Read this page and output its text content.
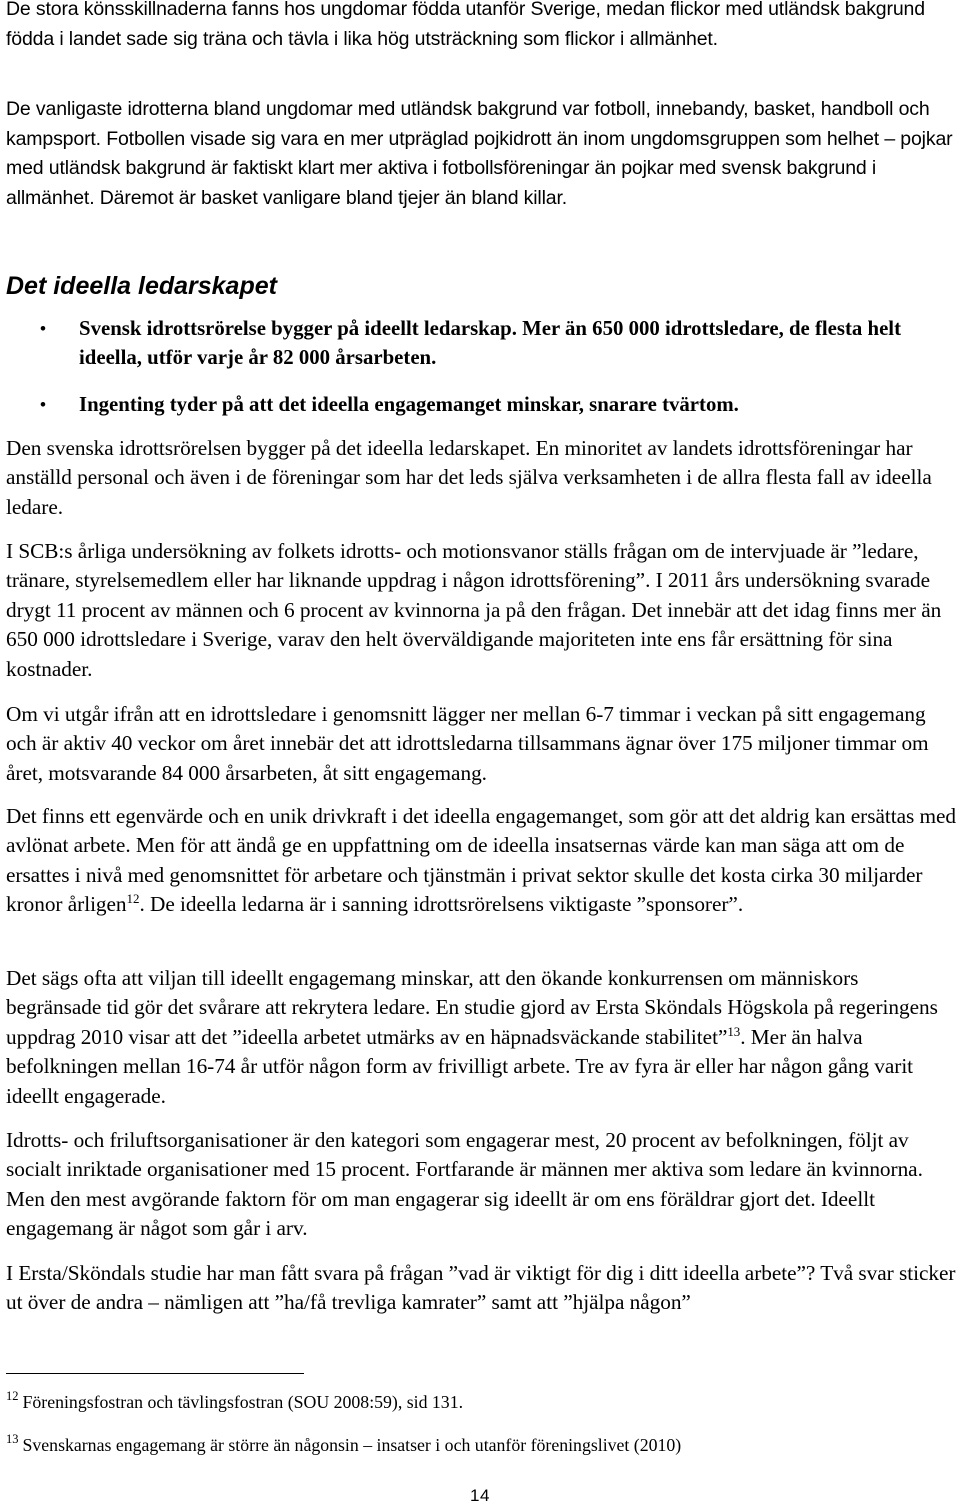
De stora könsskillnaderna fanns hos ungdomar födda utanför Sverige, medan flickor med utländsk bakgrund födda i landet sade sig träna och tävla i lika hög utsträckning som flickor i allmänhet.

De vanligaste idrotterna bland ungdomar med utländsk bakgrund var fotboll, innebandy, basket, handboll och kampsport. Fotbollen visade sig vara en mer utpräglad pojkidrott än inom ungdomsgruppen som helhet – pojkar med utländsk bakgrund är faktiskt klart mer aktiva i fotbollsföreningar än pojkar med svensk bakgrund i allmänhet. Däremot är basket vanligare bland tjejer än bland killar.

Det ideella ledarskapet
• Svensk idrottsrörelse bygger på ideellt ledarskap. Mer än 650 000 idrottsledare, de flesta helt ideella, utför varje år 82 000 årsarbeten.
• Ingenting tyder på att det ideella engagemanget minskar, snarare tvärtom.

Den svenska idrottsrörelsen bygger på det ideella ledarskapet. En minoritet av landets idrottsföreningar har anställd personal och även i de föreningar som har det leds själva verksamheten i de allra flesta fall av ideella ledare.

I SCB:s årliga undersökning av folkets idrotts- och motionsvanor ställs frågan om de intervjuade är ”ledare, tränare, styrelsemedlem eller har liknande uppdrag i någon idrottsförening”. I 2011 års undersökning svarade drygt 11 procent av männen och 6 procent av kvinnorna ja på den frågan. Det innebär att det idag finns mer än 650 000 idrottsledare i Sverige, varav den helt överväldigande majoriteten inte ens får ersättning för sina kostnader.

Om vi utgår ifrån att en idrottsledare i genomsnitt lägger ner mellan 6-7 timmar i veckan på sitt engagemang och är aktiv 40 veckor om året innebär det att idrottsledarna tillsammans ägnar över 175 miljoner timmar om året, motsvarande 84 000 årsarbeten, åt sitt engagemang.

Det finns ett egenvärde och en unik drivkraft i det ideella engagemanget, som gör att det aldrig kan ersättas med avlönat arbete. Men för att ändå ge en uppfattning om de ideella insatsernas värde kan man säga att om de ersattes i nivå med genomsnittet för arbetare och tjänstmän i privat sektor skulle det kosta cirka 30 miljarder kronor årligen$^{12}$. De ideella ledarna är i sanning idrottsrörelsens viktigaste ”sponsorer”.
Det sägs ofta att viljan till ideellt engagemang minskar, att den ökande konkurrensen om människors begränsade tid gör det svårare att rekrytera ledare. En studie gjord av Ersta Sköndals Högskola på regeringens uppdrag 2010 visar att det ”ideella arbetet utmärks av en häpnadsväckande stabilitet”$^{13}$. Mer än halva befolkningen mellan 16-74 år utför någon form av frivilligt arbete. Tre av fyra är eller har någon gång varit ideellt engagerade.

Idrotts- och friluftsorganisationer är den kategori som engagerar mest, 20 procent av befolkningen, följt av socialt inriktade organisationer med 15 procent. Fortfarande är männen mer aktiva som ledare än kvinnorna. Men den mest avgörande faktorn för om man engagerar sig ideellt är om ens föräldrar gjort det. Ideellt engagemang är något som går i arv.

I Ersta/Sköndals studie har man fått svara på frågan ”vad är viktigt för dig i ditt ideella arbete”? Två svar sticker ut över de andra – nämligen att ”ha/få trevliga kamrater” samt att ”hjälpa någon”

$^{12}$ Föreningsfostran och tävlingsfostran (SOU 2008:59), sid 131.
$^{13}$ Svenskarnas engagemang är större än någonsin – insatser i och utanför föreningslivet (2010)
14
